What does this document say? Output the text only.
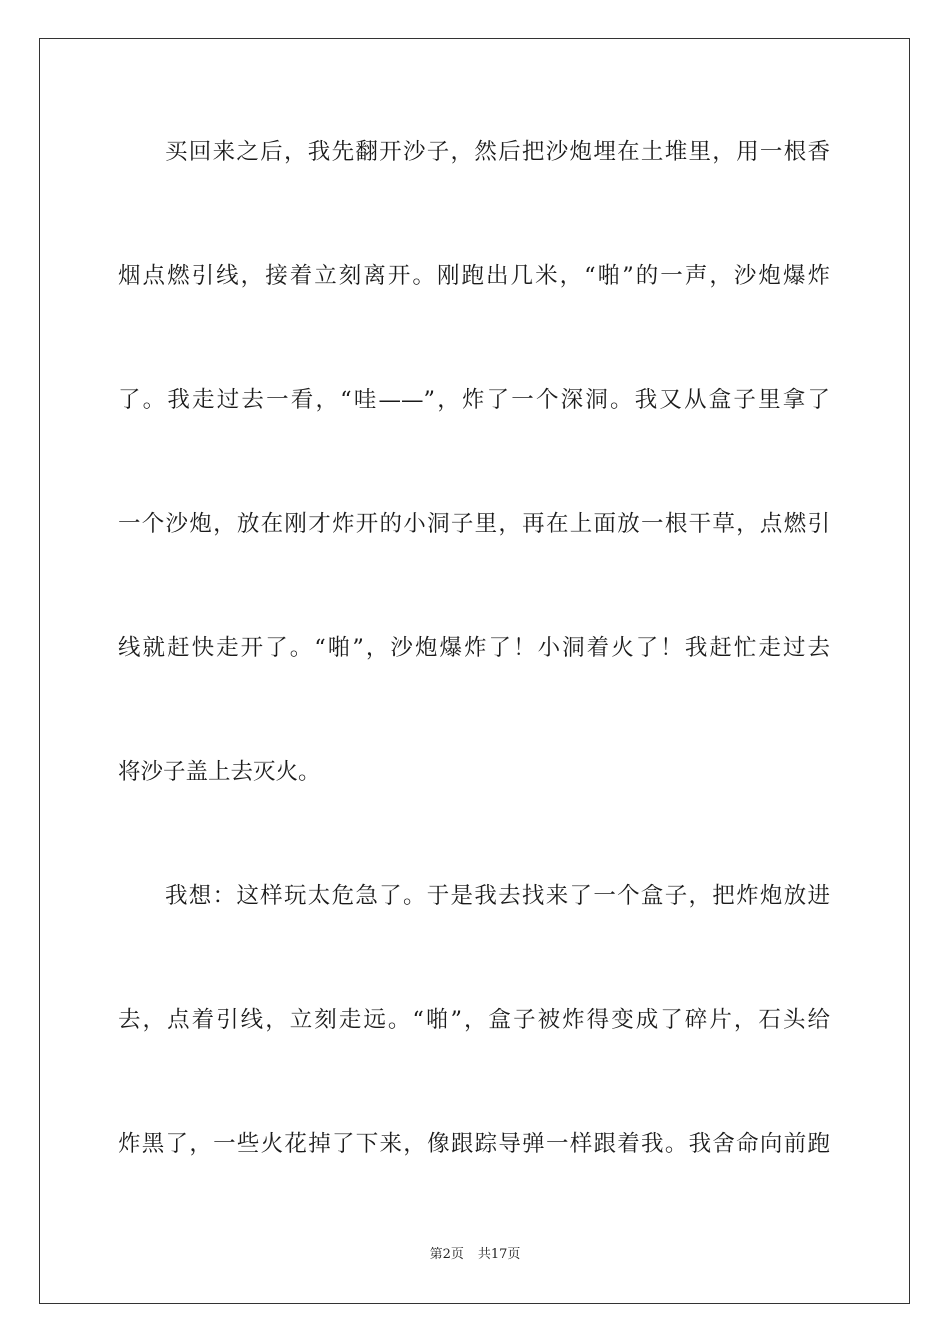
买回来之后，我先翻开沙子，然后把沙炮埋在土堆里，用一根香
烟点燃引线，接着立刻离开。刚跑出几米，“啪”的一声，沙炮爆炸
了。我走过去一看，“哇——”，炸了一个深洞。我又从盒子里拿了
一个沙炮，放在刚才炸开的小洞子里，再在上面放一根干草，点燃引
线就赶快走开了。“啪”，沙炮爆炸了！小洞着火了！我赶忙走过去
将沙子盖上去灭火。
我想：这样玩太危急了。于是我去找来了一个盒子，把炸炮放进
去，点着引线，立刻走远。“啪”，盒子被炸得变成了碎片，石头给
炸黑了，一些火花掉了下来，像跟踪导弹一样跟着我。我舍命向前跑
第2页 共17页
